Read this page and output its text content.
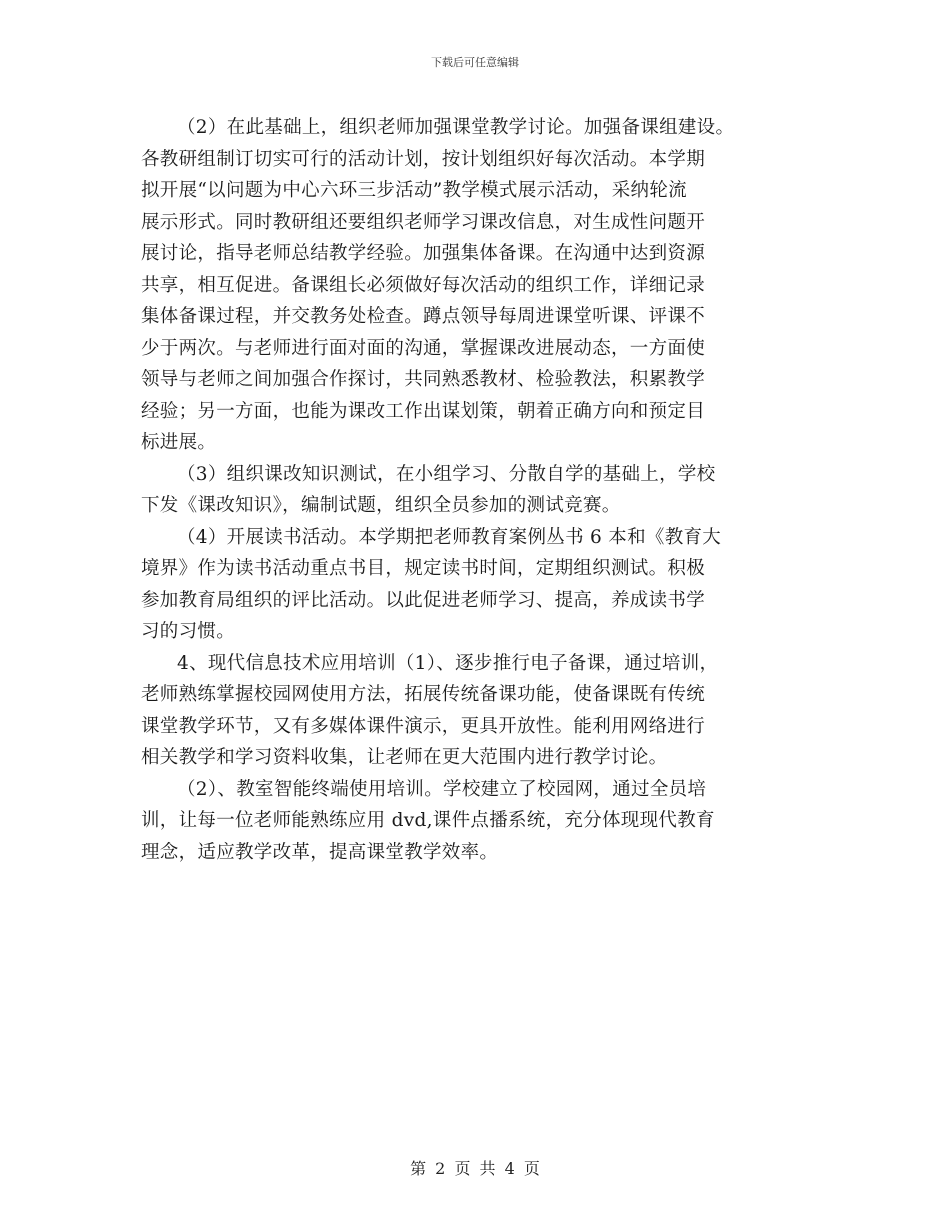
下载后可任意编辑

（2）在此基础上，组织老师加强课堂教学讨论。加强备课组建设。
各教研组制订切实可行的活动计划，按计划组织好每次活动。本学期
拟开展“以问题为中心六环三步活动”教学模式展示活动，采纳轮流
展示形式。同时教研组还要组织老师学习课改信息，对生成性问题开
展讨论，指导老师总结教学经验。加强集体备课。在沟通中达到资源
共享，相互促进。备课组长必须做好每次活动的组织工作，详细记录
集体备课过程，并交教务处检查。蹲点领导每周进课堂听课、评课不
少于两次。与老师进行面对面的沟通，掌握课改进展动态，一方面使
领导与老师之间加强合作探讨，共同熟悉教材、检验教法，积累教学
经验；另一方面，也能为课改工作出谋划策，朝着正确方向和预定目
标进展。

（3）组织课改知识测试，在小组学习、分散自学的基础上，学校
下发《课改知识》，编制试题，组织全员参加的测试竞赛。

（4）开展读书活动。本学期把老师教育案例丛书 6 本和《教育大
境界》作为读书活动重点书目，规定读书时间，定期组织测试。积极
参加教育局组织的评比活动。以此促进老师学习、提高，养成读书学
习的习惯。

4、现代信息技术应用培训（1）、逐步推行电子备课，通过培训，
老师熟练掌握校园网使用方法，拓展传统备课功能，使备课既有传统
课堂教学环节，又有多媒体课件演示，更具开放性。能利用网络进行
相关教学和学习资料收集，让老师在更大范围内进行教学讨论。

（2）、教室智能终端使用培训。学校建立了校园网，通过全员培
训，让每一位老师能熟练应用 dvd,课件点播系统，充分体现现代教育
理念，适应教学改革，提高课堂教学效率。

第 2 页 共 4 页
